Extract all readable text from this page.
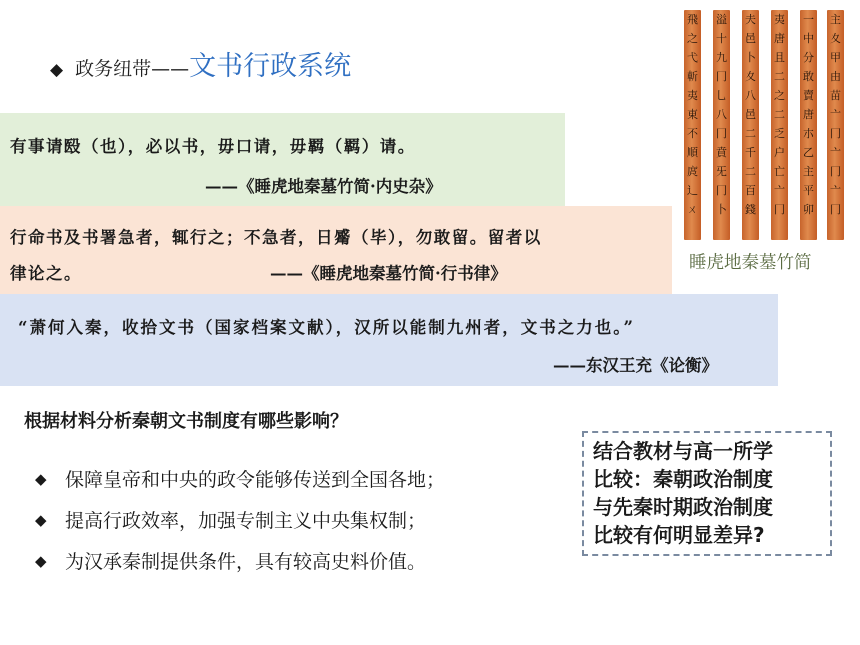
◆ 政务纽带—— 文书行政系统
有事请殹（也），必以书，毋口请，毋羁（羁）请。
——《睡虎地秦墓竹简·内史杂》
行命书及书署急者，辄行之；不急者，日觱（毕），勿敢留。留者以
律论之。	——《睡虎地秦墓竹简·行书律》
“萧何入秦，收拾文书（国家档案文献），汉所以能制九州者，文书之力也。”
——东汉王充《论衡》
飛
之
弋
斬
夷
東
不
順
庹
辶
ㄨ
溢
十
九
冂
乚
八
冂
賁
旡
冂
卜
夫
邑
卜
夊
八
邑
二
千
二
百
錢
夷
唐
且
二
之
二
乏
户
亡
亠
冂
一
中
分
敢
賣
唐
朩
乙
主
平
卯
主
夊
甲
由
苗
亠
冂
亠
冂
亠
冂
睡虎地秦墓竹简
根据材料分析秦朝文书制度有哪些影响？
◆ 保障皇帝和中央的政令能够传送到全国各地；
◆ 提高行政效率，加强专制主义中央集权制；
◆ 为汉承秦制提供条件，具有较高史料价值。
结合教材与高一所学
比较：秦朝政治制度
与先秦时期政治制度
比较有何明显差异?
